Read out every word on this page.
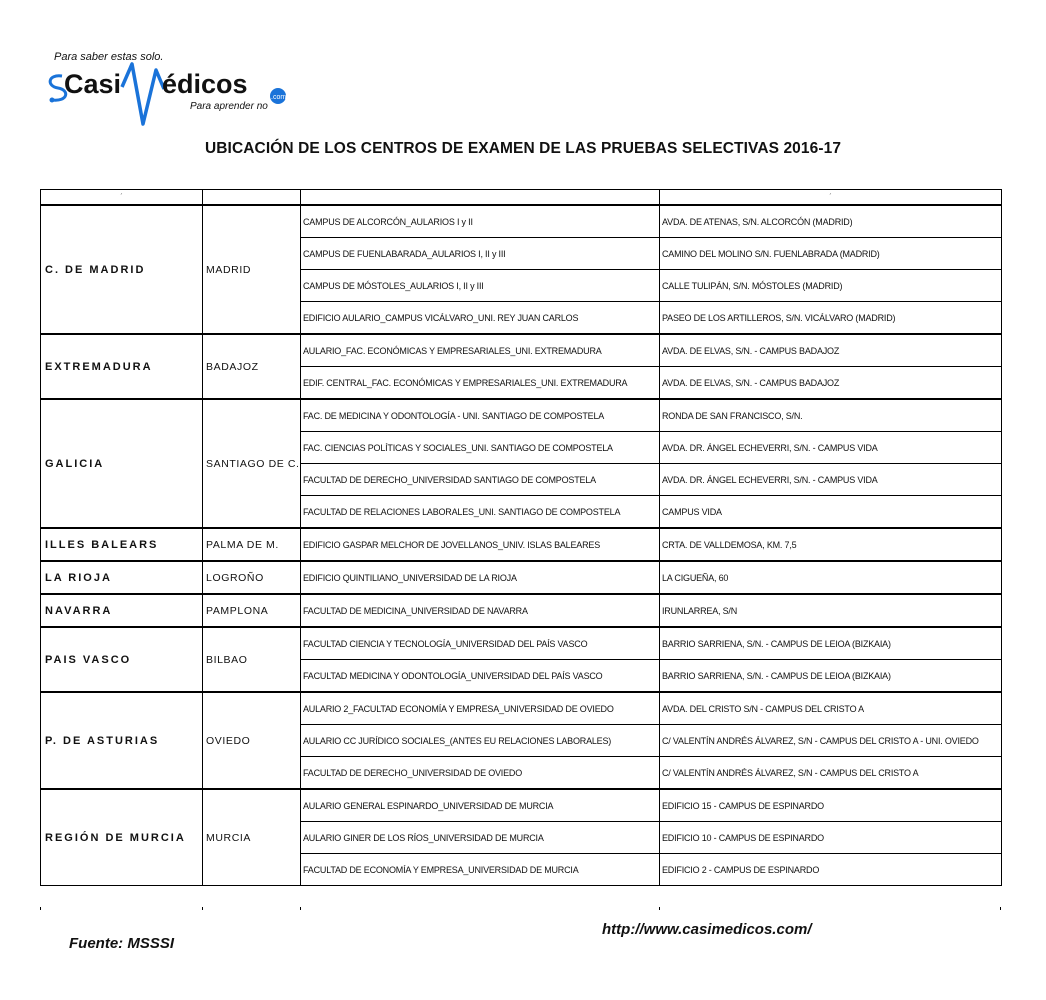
Para saber estas solo.
Casi édicos	.com
Para aprender no
UBICACIÓN DE LOS CENTROS DE EXAMEN DE LAS PRUEBAS SELECTIVAS 2016-17
´			´
C. DE MADRID	MADRID	CAMPUS DE ALCORCÓN_AULARIOS I y II	AVDA. DE ATENAS, S/N. ALCORCÓN (MADRID)
		CAMPUS DE FUENLABARADA_AULARIOS I, II y III	CAMINO DEL MOLINO S/N. FUENLABRADA (MADRID)
		CAMPUS DE MÓSTOLES_AULARIOS I, II y III	CALLE TULIPÁN, S/N. MÓSTOLES (MADRID)
		EDIFICIO AULARIO_CAMPUS VICÁLVARO_UNI. REY JUAN CARLOS	PASEO DE LOS ARTILLEROS, S/N. VICÁLVARO (MADRID)
EXTREMADURA	BADAJOZ	AULARIO_FAC. ECONÓMICAS Y EMPRESARIALES_UNI. EXTREMADURA	AVDA. DE ELVAS, S/N. - CAMPUS BADAJOZ
		EDIF. CENTRAL_FAC. ECONÓMICAS Y EMPRESARIALES_UNI. EXTREMADURA	AVDA. DE ELVAS, S/N. - CAMPUS BADAJOZ
GALICIA	SANTIAGO DE C.	FAC. DE MEDICINA Y ODONTOLOGÍA - UNI. SANTIAGO DE COMPOSTELA	RONDA DE SAN FRANCISCO, S/N.
		FAC. CIENCIAS POLÍTICAS Y SOCIALES_UNI. SANTIAGO DE COMPOSTELA	AVDA. DR. ÁNGEL ECHEVERRI, S/N. - CAMPUS VIDA
		FACULTAD DE DERECHO_UNIVERSIDAD SANTIAGO DE COMPOSTELA	AVDA. DR. ÁNGEL ECHEVERRI, S/N. - CAMPUS VIDA
		FACULTAD DE RELACIONES LABORALES_UNI. SANTIAGO DE COMPOSTELA	CAMPUS VIDA
ILLES BALEARS	PALMA DE M.	EDIFICIO GASPAR MELCHOR DE JOVELLANOS_UNIV. ISLAS BALEARES	CRTA. DE VALLDEMOSA, KM. 7,5
LA RIOJA	LOGROÑO	EDIFICIO QUINTILIANO_UNIVERSIDAD DE LA RIOJA	LA CIGUEÑA, 60
NAVARRA	PAMPLONA	FACULTAD DE MEDICINA_UNIVERSIDAD DE NAVARRA	IRUNLARREA, S/N
PAIS VASCO	BILBAO	FACULTAD CIENCIA Y TECNOLOGÍA_UNIVERSIDAD DEL PAÍS VASCO	BARRIO SARRIENA, S/N. - CAMPUS DE LEIOA (BIZKAIA)
		FACULTAD MEDICINA Y ODONTOLOGÍA_UNIVERSIDAD DEL PAÍS VASCO	BARRIO SARRIENA, S/N. - CAMPUS DE LEIOA (BIZKAIA)
P. DE ASTURIAS	OVIEDO	AULARIO 2_FACULTAD ECONOMÍA Y EMPRESA_UNIVERSIDAD DE OVIEDO	AVDA. DEL CRISTO S/N - CAMPUS DEL CRISTO A
		AULARIO CC JURÍDICO SOCIALES_(ANTES EU RELACIONES LABORALES)	C/ VALENTÍN ANDRÉS ÁLVAREZ, S/N - CAMPUS DEL CRISTO A - UNI. OVIEDO
		FACULTAD DE DERECHO_UNIVERSIDAD DE OVIEDO	C/ VALENTÍN ANDRÉS ÁLVAREZ, S/N - CAMPUS DEL CRISTO A
REGIÓN DE MURCIA	MURCIA	AULARIO GENERAL ESPINARDO_UNIVERSIDAD DE MURCIA	EDIFICIO 15 - CAMPUS DE ESPINARDO
		AULARIO GINER DE LOS RÍOS_UNIVERSIDAD DE MURCIA	EDIFICIO 10 - CAMPUS DE ESPINARDO
		FACULTAD DE ECONOMÍA Y EMPRESA_UNIVERSIDAD DE MURCIA	EDIFICIO 2 - CAMPUS DE ESPINARDO
Fuente: MSSSI
http://www.casimedicos.com/
